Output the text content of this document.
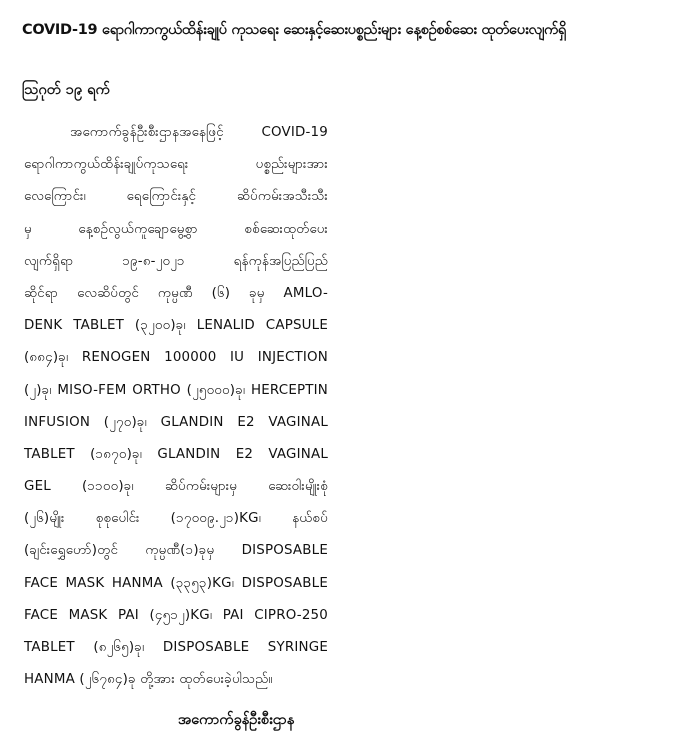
COVID-19 ရောဂါကာကွယ်ထိန်းချုပ် ကုသရေး ဆေးနှင့်ဆေးပစ္စည်းများ နေ့စဉ်စစ်ဆေး ထုတ်ပေးလျက်ရှိ
ဩဂုတ် ၁၉ ရက်
အကောက်ခွန်ဦးစီးဌာနအနေဖြင့် COVID-19
ရောဂါကာကွယ်ထိန်းချုပ်ကုသရေး ပစ္စည်းများအား
လေကြောင်း၊ ရေကြောင်းနှင့် ဆိပ်ကမ်းအသီးသီး
မှ နေ့စဉ်လွယ်ကူချောမွေ့စွာ စစ်ဆေးထုတ်ပေး
လျက်ရှိရာ ၁၉-၈-၂၀၂၁ ရန်ကုန်အပြည်ပြည်
ဆိုင်ရာ လေဆိပ်တွင် ကုမ္ပဏီ (၆) ခုမှ AMLO-
DENK TABLET (၃၂၀၀)ခု၊ LENALID CAPSULE
(၈၈၄)ခု၊ RENOGEN 100000 IU INJECTION
(၂)ခု၊ MISO-FEM ORTHO (၂၅၀၀၀)ခု၊ HERCEPTIN
INFUSION (၂၇၀)ခု၊ GLANDIN E2 VAGINAL
TABLET (၁၈၇၀)ခု၊ GLANDIN E2 VAGINAL
GEL (၁၁၀၀)ခု၊ ဆိပ်ကမ်းများမှ ဆေးဝါးမျိုးစုံ
(၂၆)မျိုး စုစုပေါင်း (၁၇၀၀၉.၂၁)KG၊ နယ်စပ်
(ချင်းရွှေဟော်)တွင် ကုမ္ပဏီ(၁)ခုမှ DISPOSABLE
FACE MASK HANMA (၃၃၅၃)KG၊ DISPOSABLE
FACE MASK PAI (၄၅၁၂)KG၊ PAI CIPRO-250
TABLET (၈၂၆၅)ခု၊ DISPOSABLE SYRINGE
HANMA (၂၆၇၈၄)ခု တို့အား ထုတ်ပေးခဲ့ပါသည်။
အကောက်ခွန်ဦးစီးဌာန
